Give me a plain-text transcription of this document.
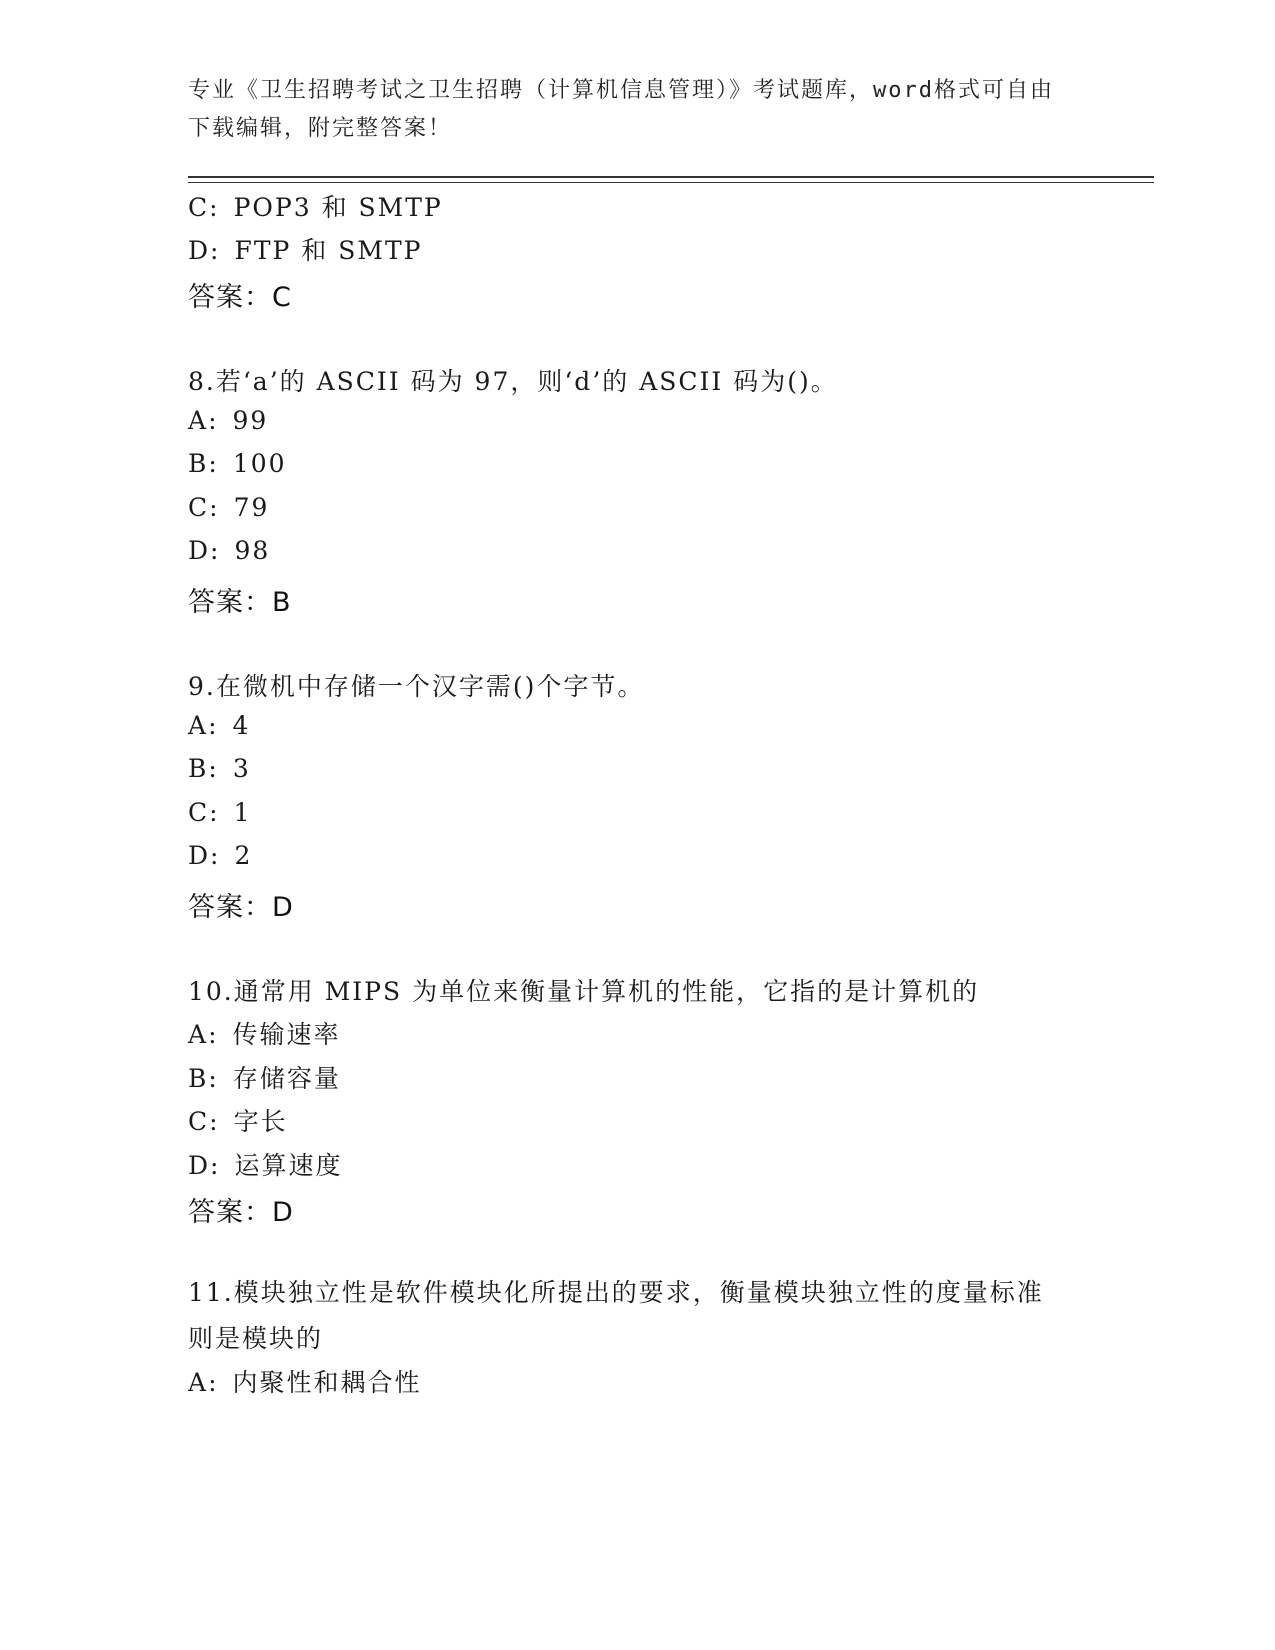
专业《卫生招聘考试之卫生招聘（计算机信息管理）》考试题库，word格式可自由下载编辑，附完整答案！
C: POP3 和 SMTP
D: FTP 和 SMTP
答案：C
8.若‘a’的 ASCII 码为 97，则‘d’的 ASCII 码为()。
A: 99
B: 100
C: 79
D: 98
答案：B
9.在微机中存储一个汉字需()个字节。
A: 4
B: 3
C: 1
D: 2
答案：D
10.通常用 MIPS 为单位来衡量计算机的性能，它指的是计算机的
A: 传输速率
B: 存储容量
C: 字长
D: 运算速度
答案：D
11.模块独立性是软件模块化所提出的要求，衡量模块独立性的度量标准则是模块的
A: 内聚性和耦合性
